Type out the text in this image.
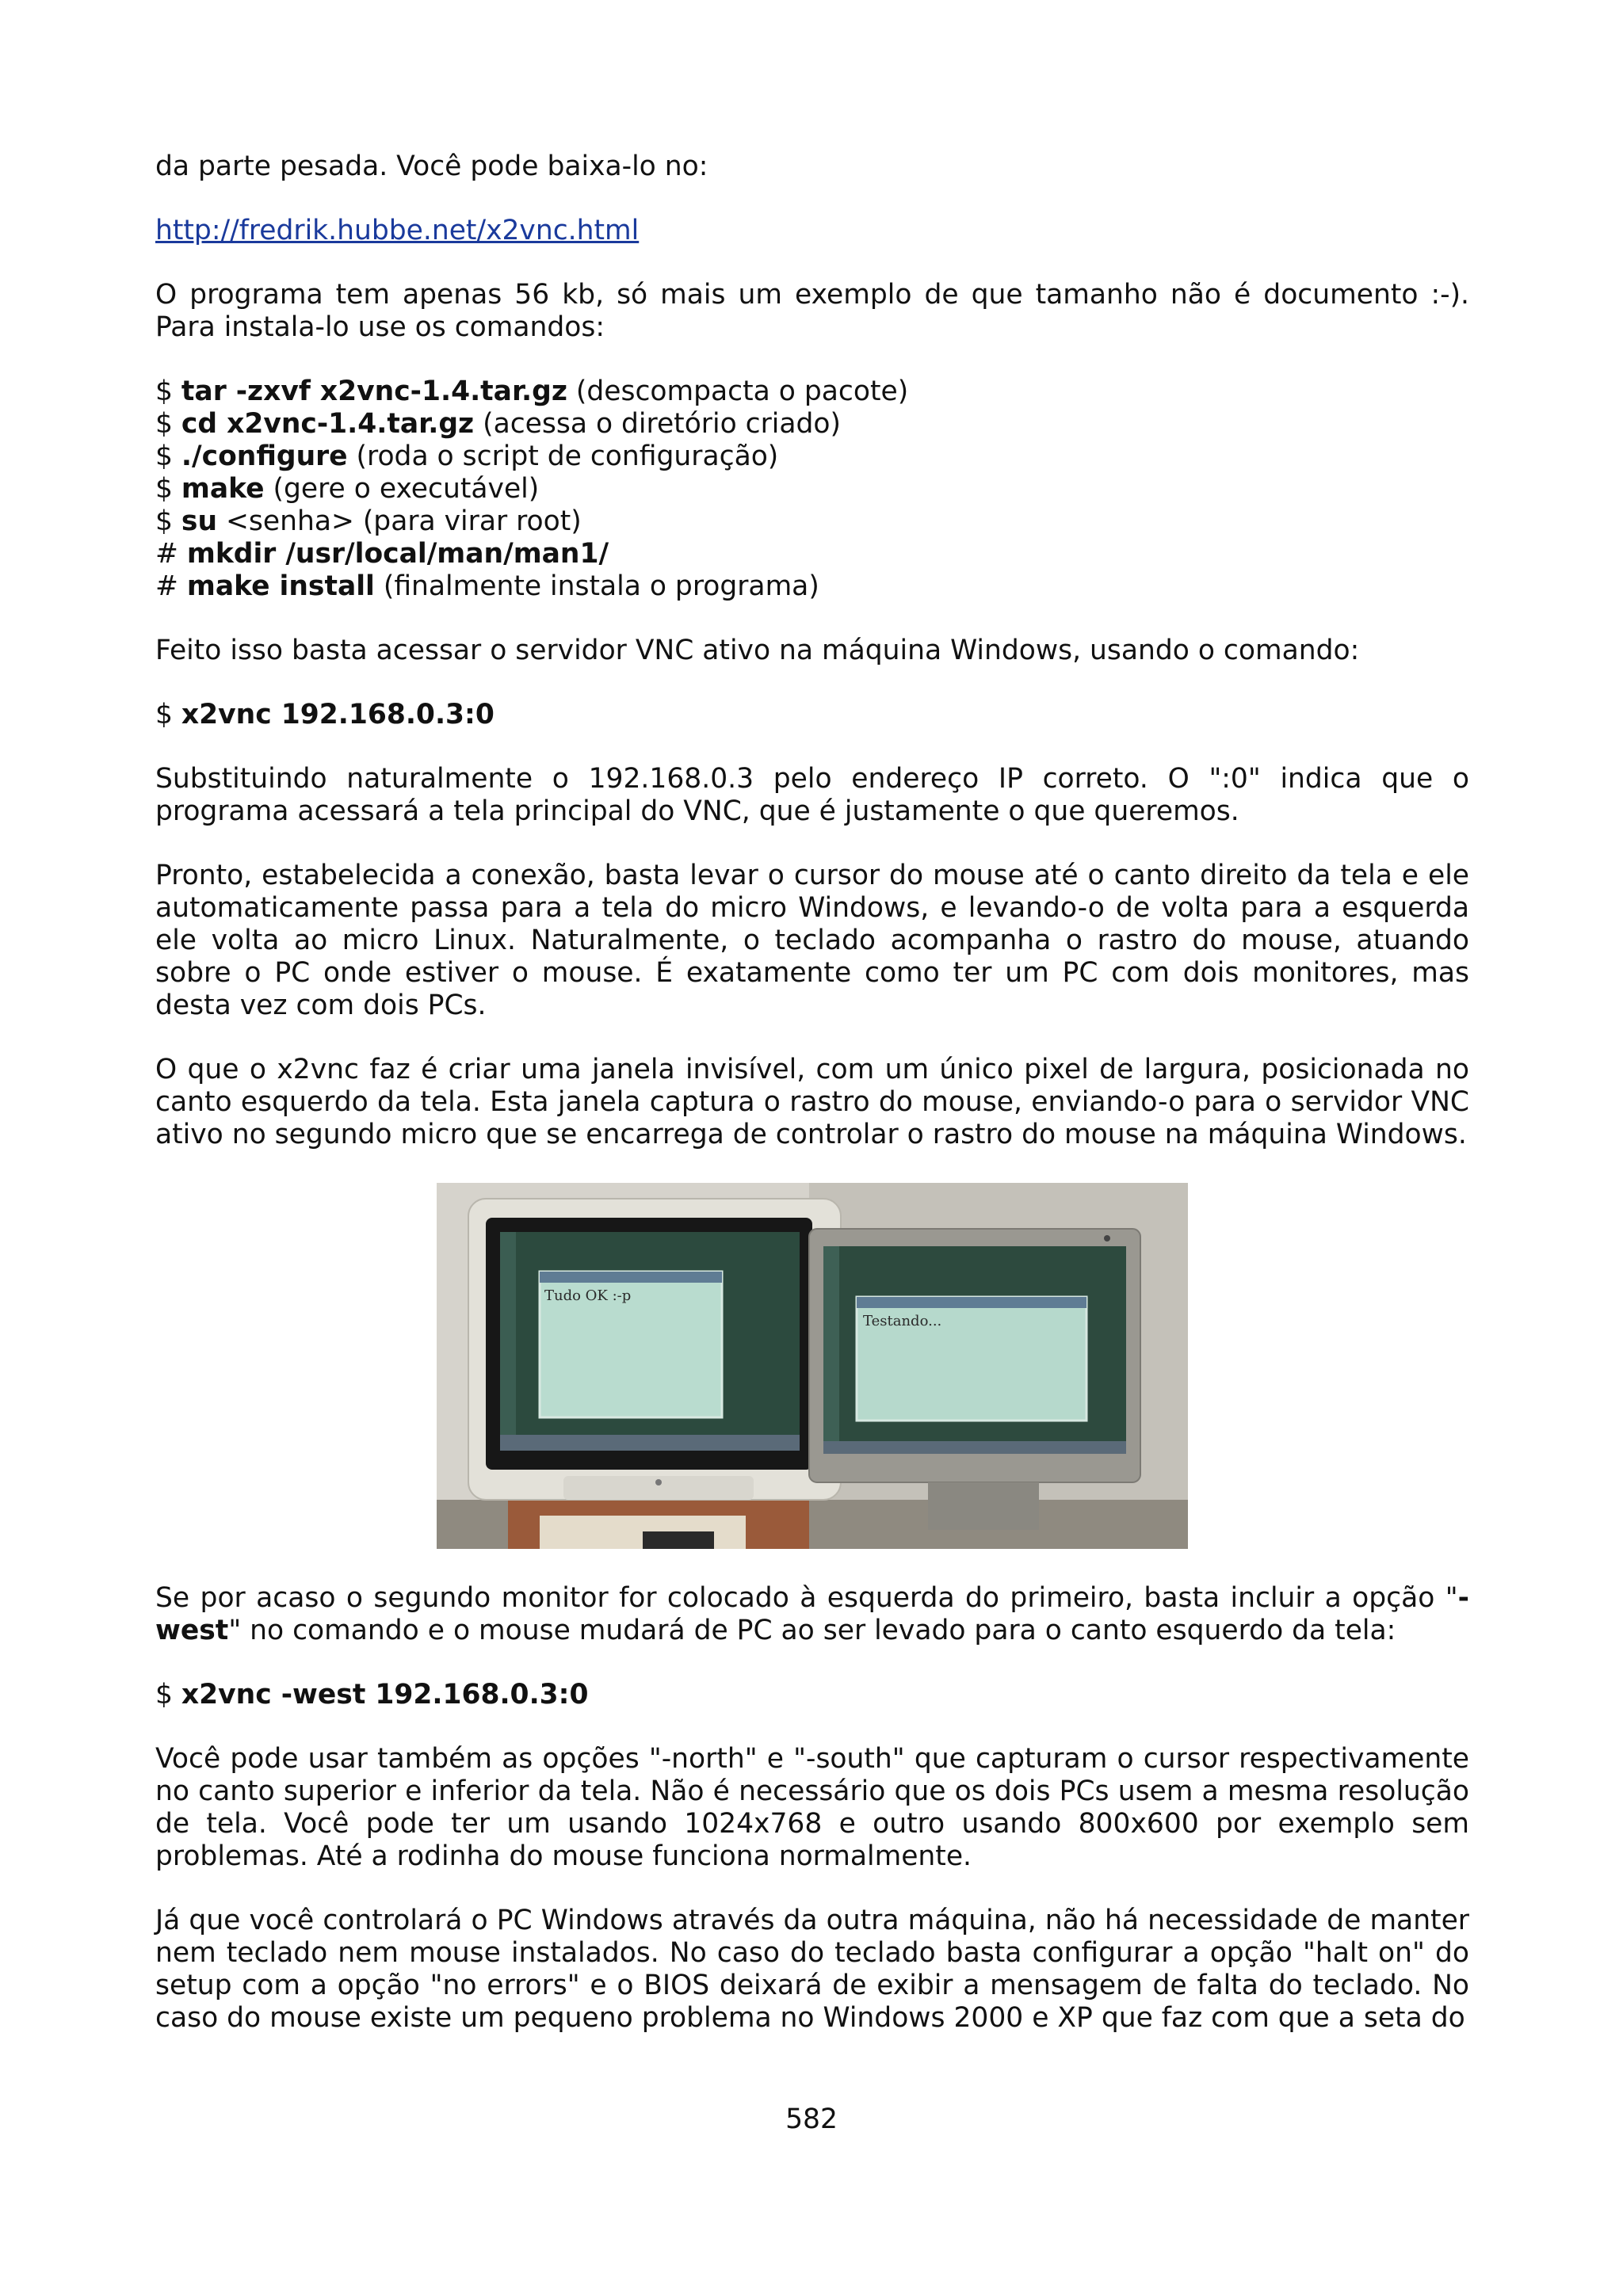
da parte pesada. Você pode baixa-lo no:

http://fredrik.hubbe.net/x2vnc.html

O programa tem apenas 56 kb, só mais um exemplo de que tamanho não é documento :-). Para instala-lo use os comandos:

$ tar -zxvf x2vnc-1.4.tar.gz (descompacta o pacote)
$ cd x2vnc-1.4.tar.gz (acessa o diretório criado)
$ ./configure (roda o script de configuração)
$ make (gere o executável)
$ su <senha> (para virar root)
# mkdir /usr/local/man/man1/
# make install (finalmente instala o programa)

Feito isso basta acessar o servidor VNC ativo na máquina Windows, usando o comando:

$ x2vnc 192.168.0.3:0

Substituindo naturalmente o 192.168.0.3 pelo endereço IP correto. O ":0" indica que o programa acessará a tela principal do VNC, que é justamente o que queremos.

Pronto, estabelecida a conexão, basta levar o cursor do mouse até o canto direito da tela e ele automaticamente passa para a tela do micro Windows, e levando-o de volta para a esquerda ele volta ao micro Linux. Naturalmente, o teclado acompanha o rastro do mouse, atuando sobre o PC onde estiver o mouse. É exatamente como ter um PC com dois monitores, mas desta vez com dois PCs.

O que o x2vnc faz é criar uma janela invisível, com um único pixel de largura, posicionada no canto esquerdo da tela. Esta janela captura o rastro do mouse, enviando-o para o servidor VNC ativo no segundo micro que se encarrega de controlar o rastro do mouse na máquina Windows.

Tudo OK :-p
Testando...

Se por acaso o segundo monitor for colocado à esquerda do primeiro, basta incluir a opção "-west" no comando e o mouse mudará de PC ao ser levado para o canto esquerdo da tela:

$ x2vnc -west 192.168.0.3:0

Você pode usar também as opções "-north" e "-south" que capturam o cursor respectivamente no canto superior e inferior da tela. Não é necessário que os dois PCs usem a mesma resolução de tela. Você pode ter um usando 1024x768 e outro usando 800x600 por exemplo sem problemas. Até a rodinha do mouse funciona normalmente.

Já que você controlará o PC Windows através da outra máquina, não há necessidade de manter nem teclado nem mouse instalados. No caso do teclado basta configurar a opção "halt on" do setup com a opção "no errors" e o BIOS deixará de exibir a mensagem de falta do teclado. No caso do mouse existe um pequeno problema no Windows 2000 e XP que faz com que a seta do

582
